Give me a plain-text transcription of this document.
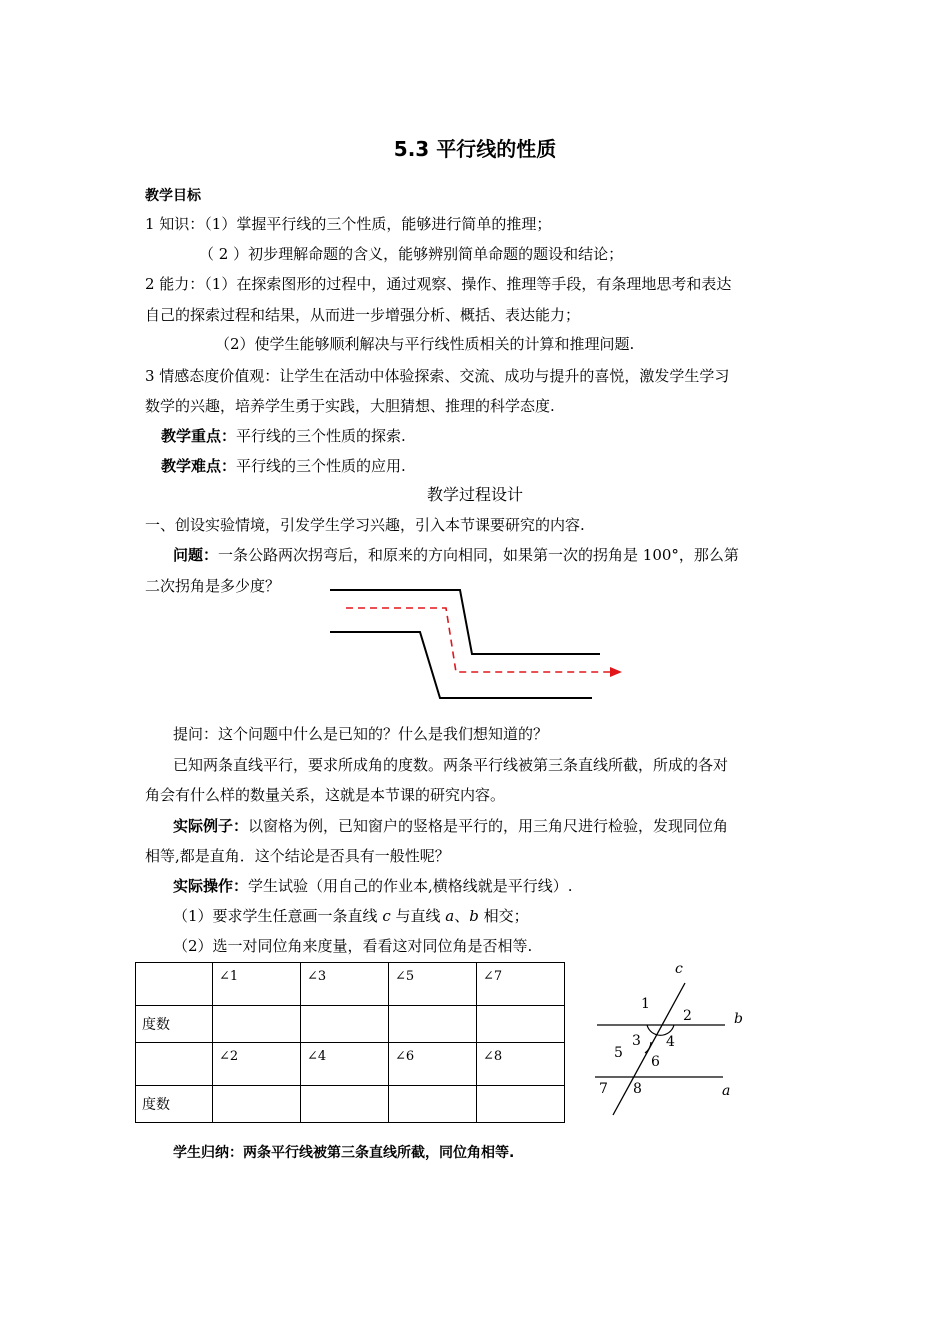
5.3 平行线的性质
教学目标
1 知识：（1）掌握平行线的三个性质，能够进行简单的推理；
（ 2 ）初步理解命题的含义，能够辨别简单命题的题设和结论；
2 能力：（1）在探索图形的过程中，通过观察、操作、推理等手段，有条理地思考和表达
自己的探索过程和结果，从而进一步增强分析、概括、表达能力；
（2）使学生能够顺利解决与平行线性质相关的计算和推理问题.
3 情感态度价值观：让学生在活动中体验探索、交流、成功与提升的喜悦，激发学生学习
数学的兴趣，培养学生勇于实践，大胆猜想、推理的科学态度.
教学重点：平行线的三个性质的探索.
教学难点：平行线的三个性质的应用.
教学过程设计
一、创设实验情境，引发学生学习兴趣，引入本节课要研究的内容.
问题：一条公路两次拐弯后，和原来的方向相同，如果第一次的拐角是 100°，那么第
二次拐角是多少度？
提问：这个问题中什么是已知的？什么是我们想知道的？
已知两条直线平行，要求所成角的度数。两条平行线被第三条直线所截，所成的各对
角会有什么样的数量关系，这就是本节课的研究内容。
实际例子：以窗格为例，已知窗户的竖格是平行的，用三角尺进行检验，发现同位角
相等,都是直角．这个结论是否具有一般性呢？
实际操作：学生试验（用自己的作业本,横格线就是平行线）.
（1）要求学生任意画一条直线 c 与直线 a、b 相交；
（2）选一对同位角来度量，看看这对同位角是否相等.
	∠1	∠3	∠5	∠7
度数				
	∠2	∠4	∠6	∠8
度数				
c
b
a
1
2
3 4
5
6
7 8
学生归纳：两条平行线被第三条直线所截，同位角相等.
